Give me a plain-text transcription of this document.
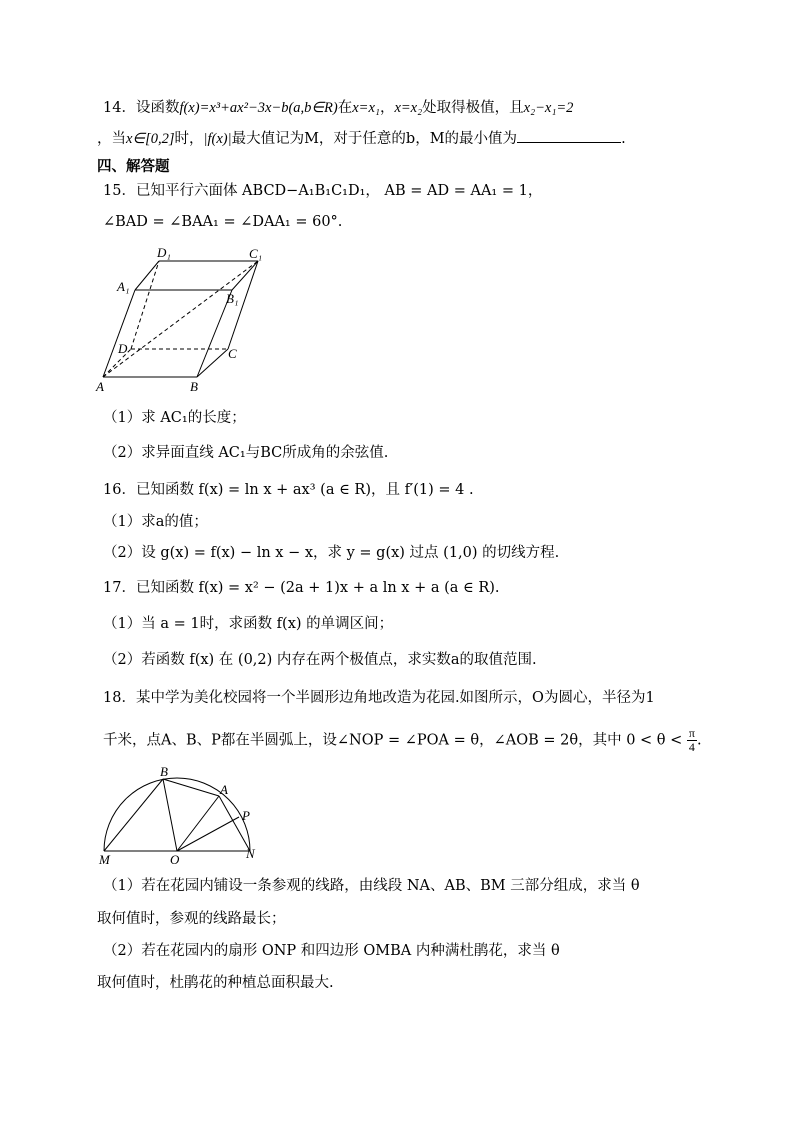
14．设函数f(x)=x³+ax²−3x−b(a,b∈R)在x=x₁，x=x₂处取得极值，且x₂−x₁=2
，当x∈[0,2]时，|f(x)|最大值记为M，对于任意的b，M的最小值为	.
四、解答题
15．已知平行六面体 ABCD−A₁B₁C₁D₁， AB = AD = AA₁ = 1，
∠BAD = ∠BAA₁ = ∠DAA₁ = 60°.
D₁	C₁
A₁
B₁
D	C
A	B
（1）求 AC₁的长度；
（2）求异面直线 AC₁与BC所成角的余弦值.
16．已知函数 f(x) = ln x + ax³ (a ∈ R)，且 f′(1) = 4 .
（1）求a的值；
（2）设 g(x) = f(x) − ln x − x，求 y = g(x) 过点 (1,0) 的切线方程.
17．已知函数 f(x) = x² − (2a + 1)x + a ln x + a (a ∈ R).
（1）当 a = 1时，求函数 f(x) 的单调区间；
（2）若函数 f(x) 在 (0,2) 内存在两个极值点，求实数a的取值范围.
18．某中学为美化校园将一个半圆形边角地改造为花园.如图所示，O为圆心，半径为1
千米，点A、B、P都在半圆弧上，设∠NOP = ∠POA = θ，∠AOB = 2θ，其中 $0 < \theta < \frac{\pi}{4}$ .
B
A
P
M	O	N
（1）若在花园内铺设一条参观的线路，由线段 NA、AB、BM 三部分组成，求当 θ
取何值时，参观的线路最长；
（2）若在花园内的扇形 ONP 和四边形 OMBA 内种满杜鹃花，求当 θ
取何值时，杜鹃花的种植总面积最大.
